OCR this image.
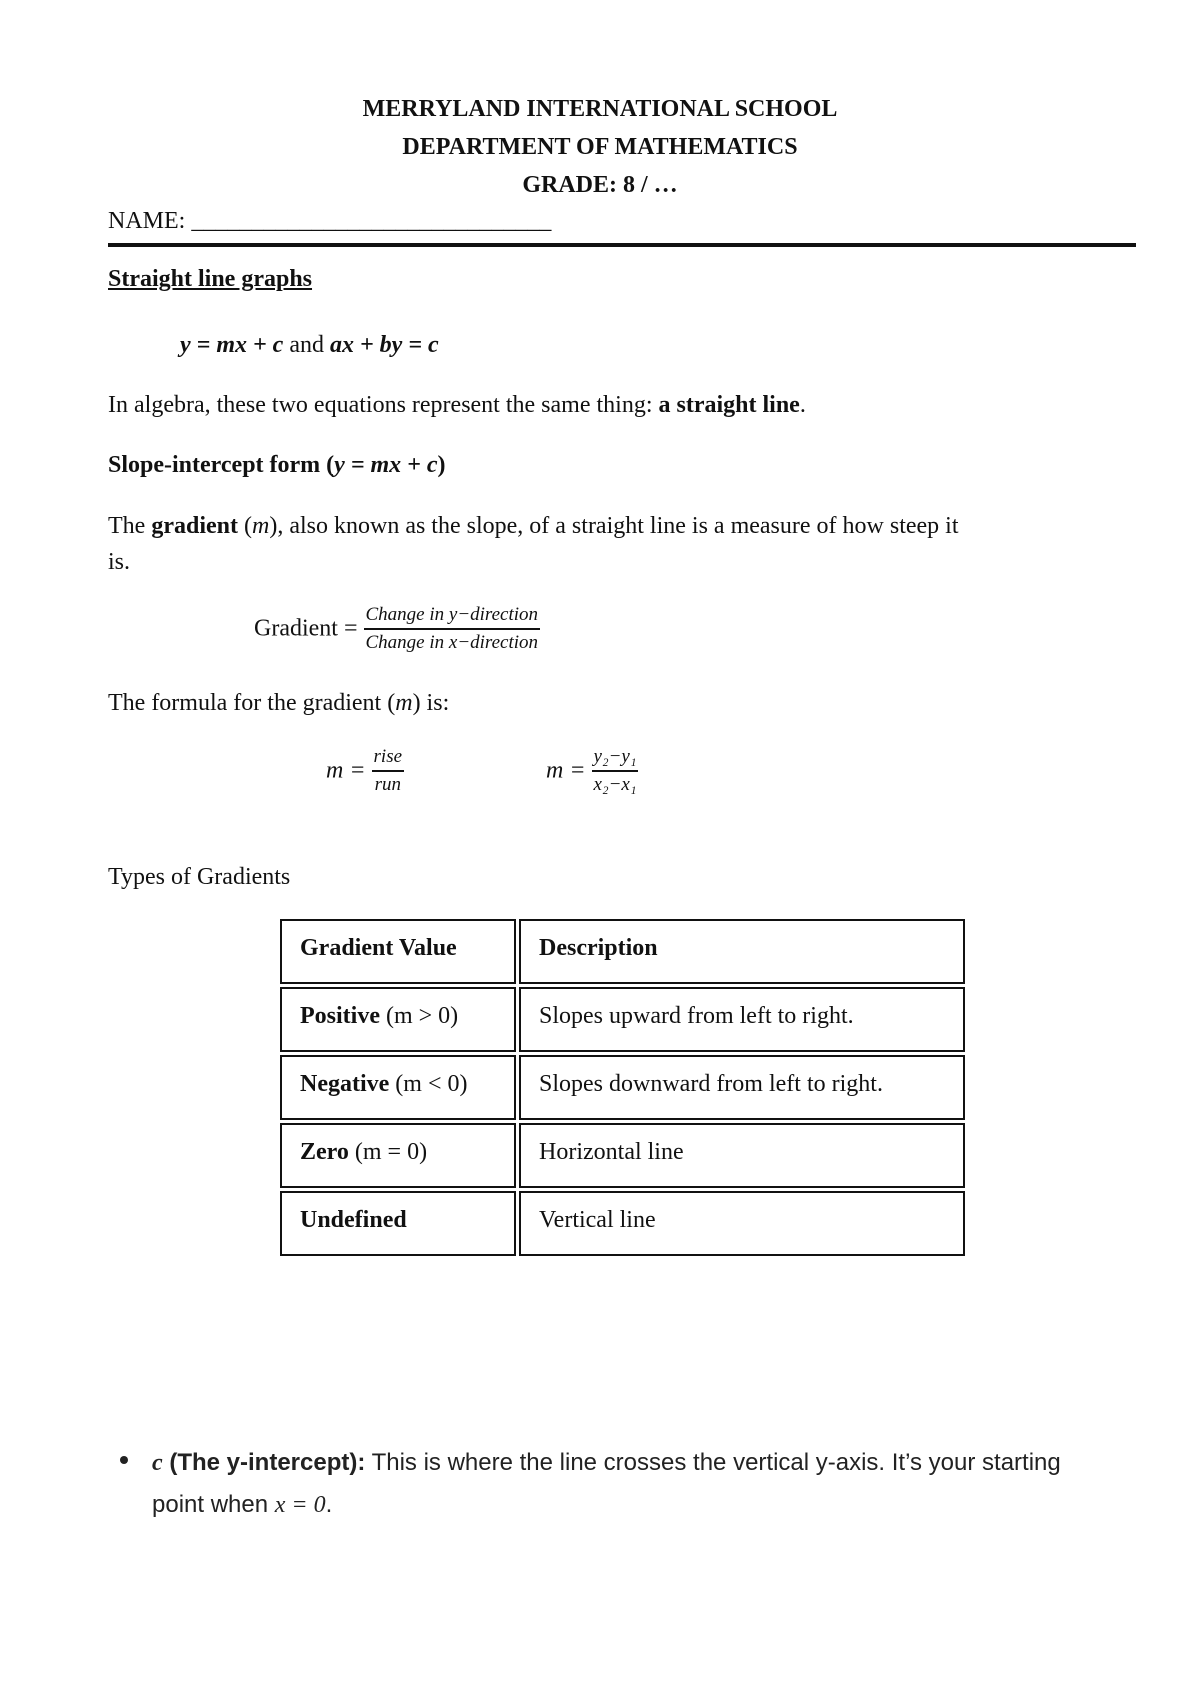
MERRYLAND INTERNATIONAL SCHOOL
DEPARTMENT OF MATHEMATICS
GRADE: 8 / …
NAME: ______________________________
Straight line graphs
y = mx + c and ax + by = c
In algebra, these two equations represent the same thing: a straight line.
Slope-intercept form (y = mx + c)
The gradient (m), also known as the slope, of a straight line is a measure of how steep it
is.
Gradient = $\frac{\text{Change in y−direction}}{\text{Change in x−direction}}$
The formula for the gradient (m) is:
$m = \frac{\text{rise}}{\text{run}}$	$m = \frac{\text{y₂−y₁}}{\text{x₂−x₁}}$
Types of Gradients
Gradient Value	Description
Positive (m > 0)	Slopes upward from left to right.
Negative (m < 0)	Slopes downward from left to right.
Zero (m = 0)	Horizontal line
Undefined	Vertical line
c (The y-intercept): This is where the line crosses the vertical y-axis. It’s your starting
point when x = 0.
